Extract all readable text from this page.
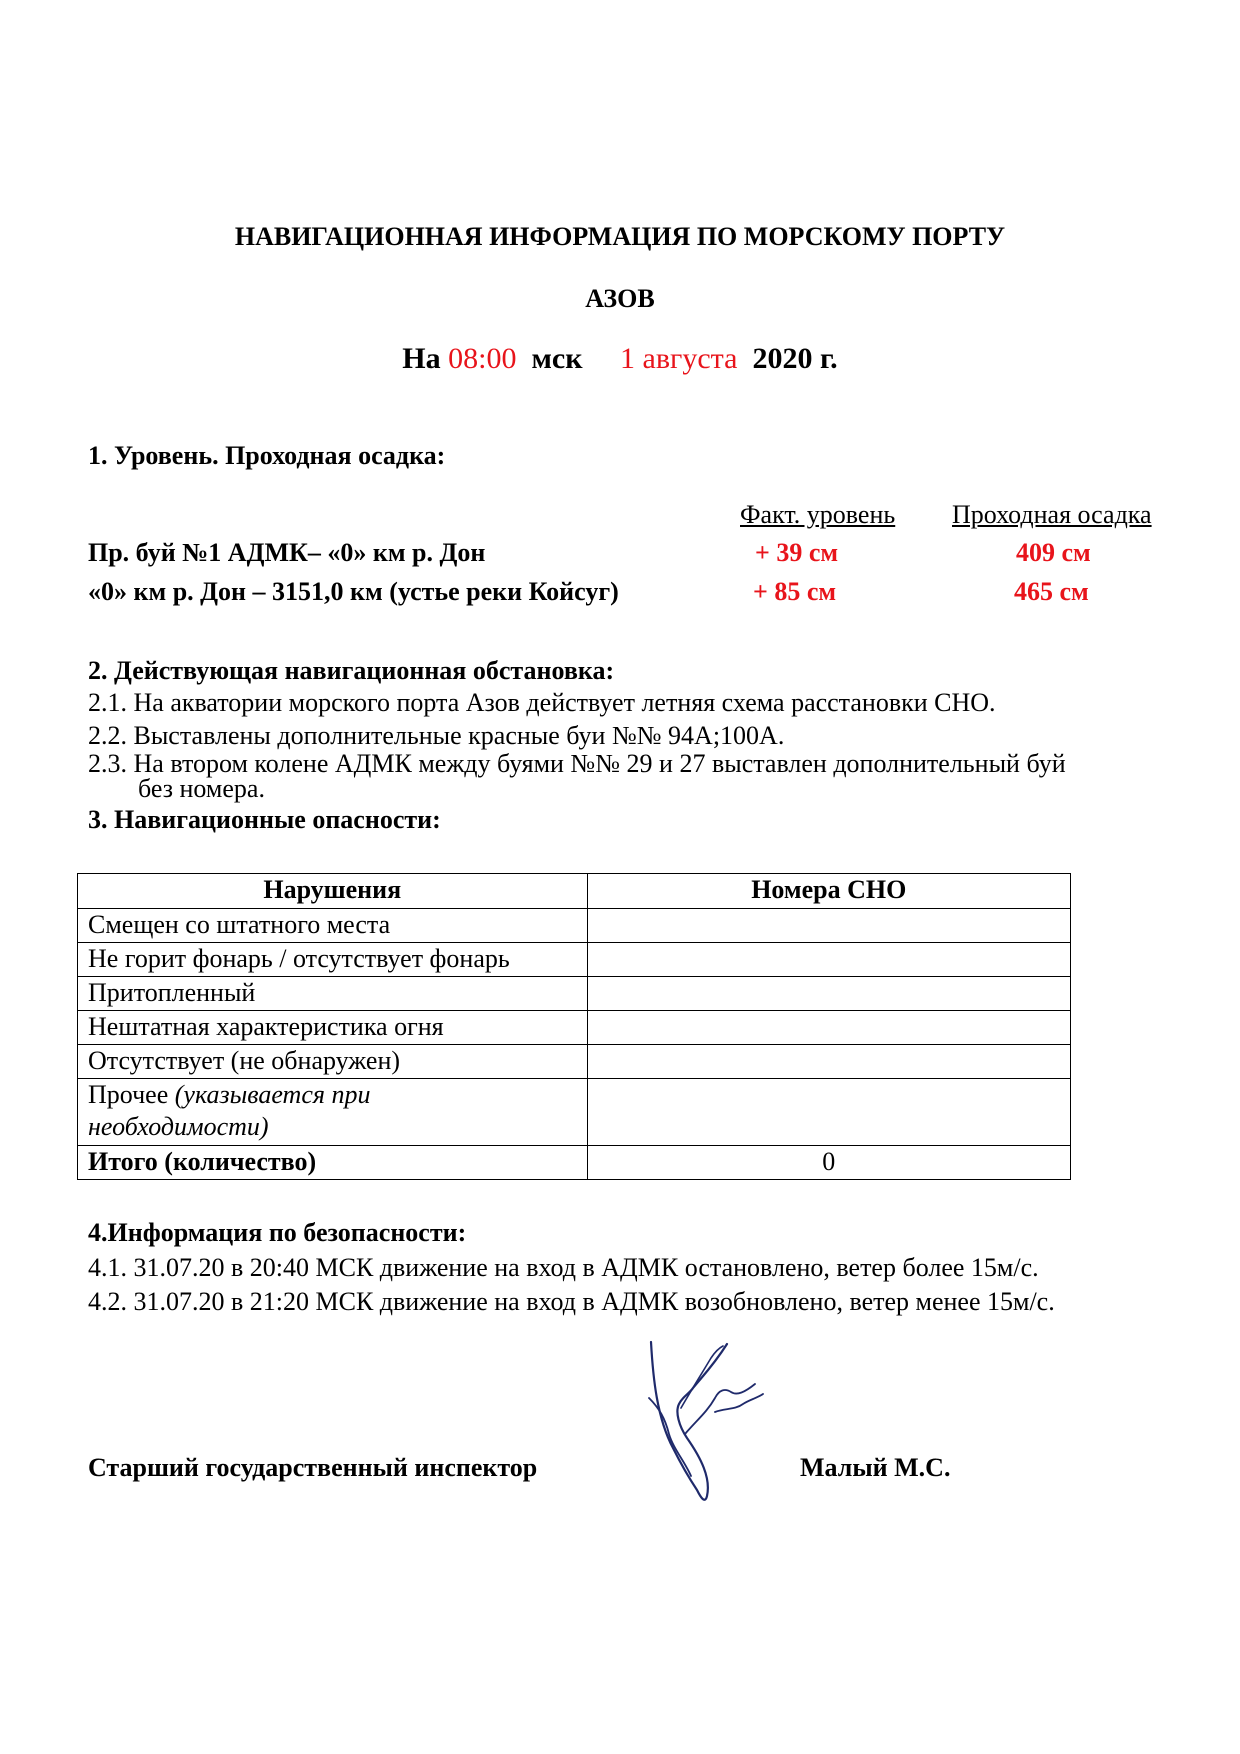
НАВИГАЦИОННАЯ ИНФОРМАЦИЯ ПО МОРСКОМУ ПОРТУ
АЗОВ
На 08:00 мск 1 августа 2020 г.
1. Уровень. Проходная осадка:
Факт. уровень Проходная осадка
Пр. буй №1 АДМК– «0» км р. Дон	+ 39 см	409 см
«0» км р. Дон – 3151,0 км (устье реки Койсуг)	+ 85 см	465 см
2. Действующая навигационная обстановка:
2.1. На акватории морского порта Азов действует летняя схема расстановки СНО.
2.2. Выставлены дополнительные красные буи №№ 94А;100А.
2.3. На втором колене АДМК между буями №№ 29 и 27 выставлен дополнительный буй
без номера.
3. Навигационные опасности:
Нарушения	Номера СНО
Смещен со штатного места	
Не горит фонарь / отсутствует фонарь	
Притопленный	
Нештатная характеристика огня	
Отсутствует (не обнаружен)	
Прочее (указывается при
необходимости)	
Итого (количество)	0
4.Информация по безопасности:
4.1. 31.07.20 в 20:40 МСК движение на вход в АДМК остановлено, ветер более 15м/с.
4.2. 31.07.20 в 21:20 МСК движение на вход в АДМК возобновлено, ветер менее 15м/с.
Старший государственный инспектор	Малый М.С.
